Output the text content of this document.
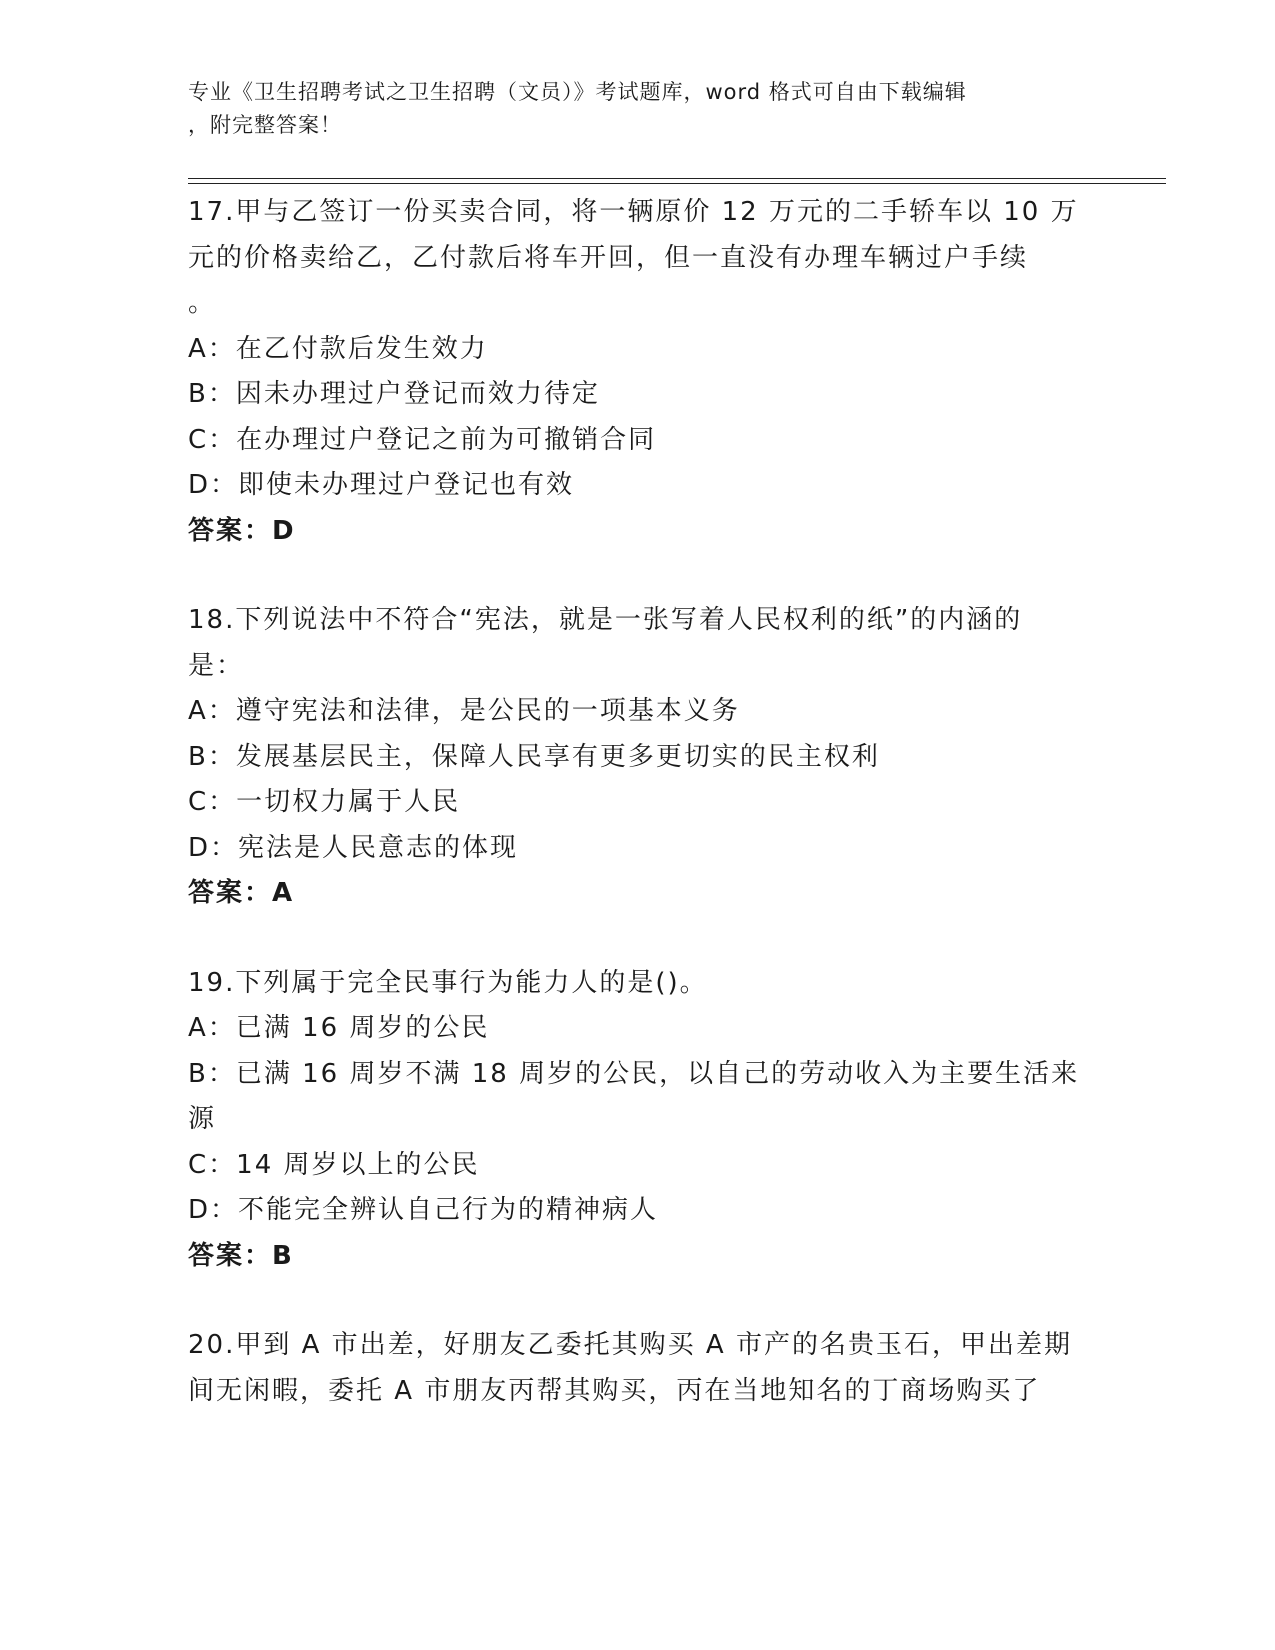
专业《卫生招聘考试之卫生招聘（文员）》考试题库，word 格式可自由下载编辑
，附完整答案！
17.甲与乙签订一份买卖合同，将一辆原价 12 万元的二手轿车以 10 万
元的价格卖给乙，乙付款后将车开回，但一直没有办理车辆过户手续
。
A：在乙付款后发生效力
B：因未办理过户登记而效力待定
C：在办理过户登记之前为可撤销合同
D：即使未办理过户登记也有效
答案：D
18.下列说法中不符合“宪法，就是一张写着人民权利的纸”的内涵的
是：
A：遵守宪法和法律，是公民的一项基本义务
B：发展基层民主，保障人民享有更多更切实的民主权利
C：一切权力属于人民
D：宪法是人民意志的体现
答案：A
19.下列属于完全民事行为能力人的是()。
A：已满 16 周岁的公民
B：已满 16 周岁不满 18 周岁的公民，以自己的劳动收入为主要生活来
源
C：14 周岁以上的公民
D：不能完全辨认自己行为的精神病人
答案：B
20.甲到 A 市出差，好朋友乙委托其购买 A 市产的名贵玉石，甲出差期
间无闲暇，委托 A 市朋友丙帮其购买，丙在当地知名的丁商场购买了
